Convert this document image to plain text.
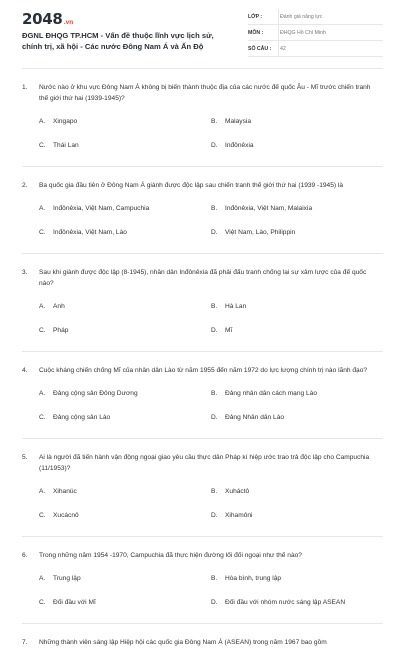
2048.vn
ĐGNL ĐHQG TP.HCM - Vấn đề thuộc lĩnh vực lịch sử, chính trị, xã hội - Các nước Đông Nam Á và Ấn Độ
LỚP :	Đánh giá năng lực
MÔN :	ĐHQG Hồ Chí Minh
SỐ CÂU :	42
1.	Nước nào ở khu vực Đông Nam Á không bị biến thành thuộc địa của các nước đế quốc Âu - Mĩ trước chiến tranh thế giới thứ hai (1939-1945)?
A.	Xingapo	B.	Malaysia
C.	Thái Lan	D.	Inđônêxia
2.	Ba quốc gia đầu tiên ở Đông Nam Á giành được độc lập sau chiến tranh thế giới thứ hai (1939 -1945) là
A.	Inđônêxia, Việt Nam, Campuchia	B.	Inđônêxia, Việt Nam, Malaixia
C.	Inđônêxia, Việt Nam, Lào	D.	Việt Nam, Lào, Philippin
3.	Sau khi giành được độc lập (8-1945), nhân dân Inđônêxia đã phải đấu tranh chống lại sự xâm lược của đế quốc nào?
A.	Anh	B.	Hà Lan
C.	Pháp	D.	Mĩ
4.	Cuộc kháng chiến chống Mĩ của nhân dân Lào từ năm 1955 đến năm 1972 do lực lượng chính trị nào lãnh đạo?
A.	Đảng cộng sản Đông Dương	B.	Đảng nhân dân cách mạng Lào
C.	Đảng cộng sản Lào	D.	Đảng Nhân dân Lào
5.	Ai là người đã tiến hành vận động ngoại giao yêu cầu thực dân Pháp kí hiệp ước trao trả độc lập cho Campuchia (11/1953)?
A.	Xihanúc	B.	Xuháctô
C.	Xucácnô	D.	Xihamôni
6.	Trong những năm 1954 -1970, Campuchia đã thực hiện đường lối đối ngoại như thế nào?
A.	Trung lập	B.	Hòa bình, trung lập
C.	Đối đầu với Mĩ	D.	Đối đầu với nhóm nước sáng lập ASEAN
7.	Những thành viên sáng lập Hiệp hội các quốc gia Đông Nam Á (ASEAN) trong năm 1967 bao gồm
